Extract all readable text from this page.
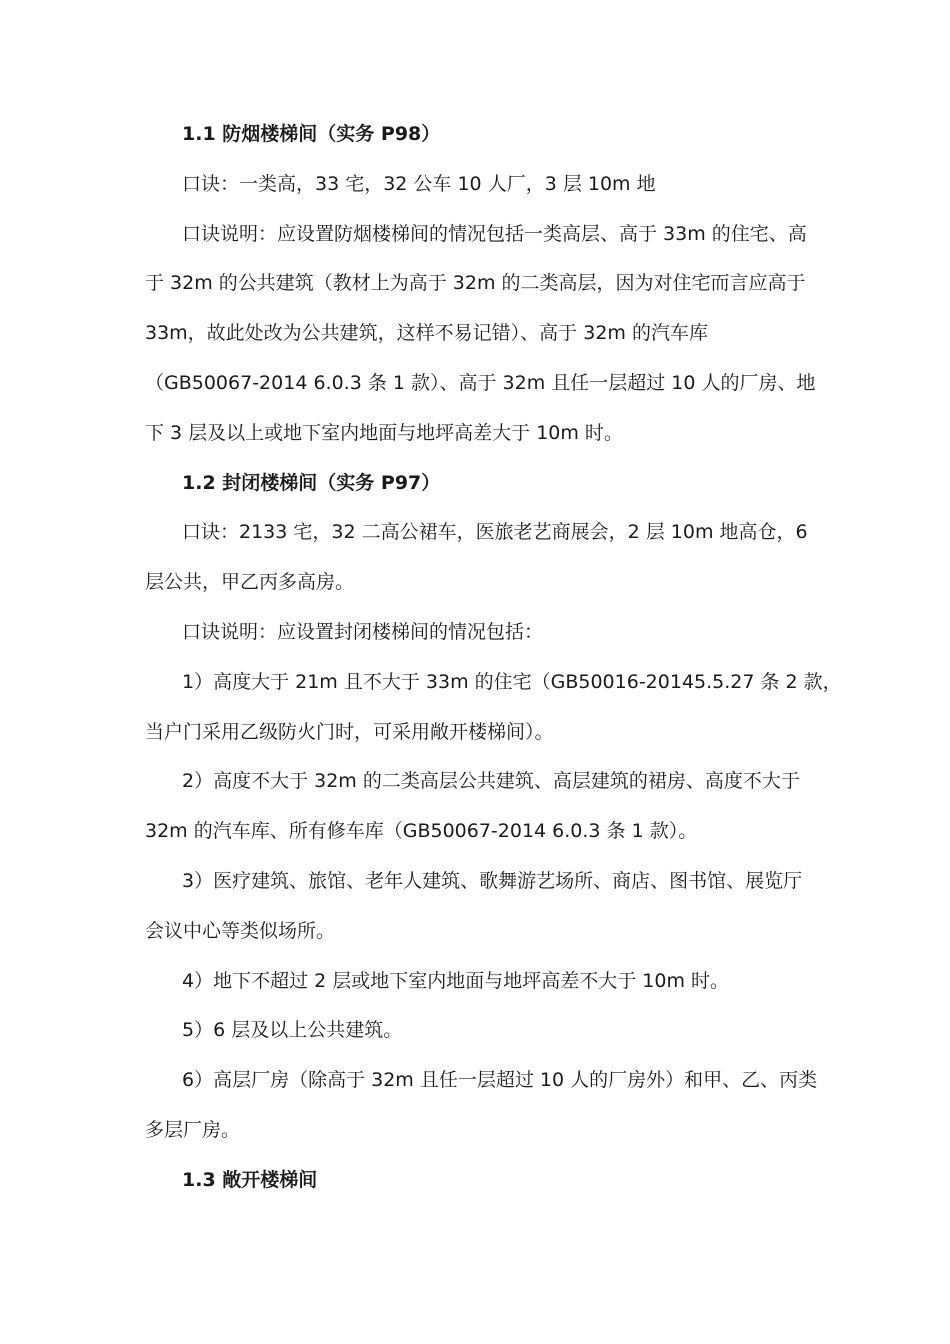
1.1 防烟楼梯间（实务 P98）
口诀：一类高，33 宅，32 公车 10 人厂，3 层 10m 地
口诀说明：应设置防烟楼梯间的情况包括一类高层、高于 33m 的住宅、高
于 32m 的公共建筑（教材上为高于 32m 的二类高层，因为对住宅而言应高于
33m，故此处改为公共建筑，这样不易记错）、高于 32m 的汽车库
（GB50067-2014 6.0.3 条 1 款）、高于 32m 且任一层超过 10 人的厂房、地
下 3 层及以上或地下室内地面与地坪高差大于 10m 时。
1.2 封闭楼梯间（实务 P97）
口诀：2133 宅，32 二高公裙车，医旅老艺商展会，2 层 10m 地高仓，6
层公共，甲乙丙多高房。
口诀说明：应设置封闭楼梯间的情况包括：
1）高度大于 21m 且不大于 33m 的住宅（GB50016-20145.5.27 条 2 款，
当户门采用乙级防火门时，可采用敞开楼梯间）。
2）高度不大于 32m 的二类高层公共建筑、高层建筑的裙房、高度不大于
32m 的汽车库、所有修车库（GB50067-2014 6.0.3 条 1 款）。
3）医疗建筑、旅馆、老年人建筑、歌舞游艺场所、商店、图书馆、展览厅
会议中心等类似场所。
4）地下不超过 2 层或地下室内地面与地坪高差不大于 10m 时。
5）6 层及以上公共建筑。
6）高层厂房（除高于 32m 且任一层超过 10 人的厂房外）和甲、乙、丙类
多层厂房。
1.3 敞开楼梯间
